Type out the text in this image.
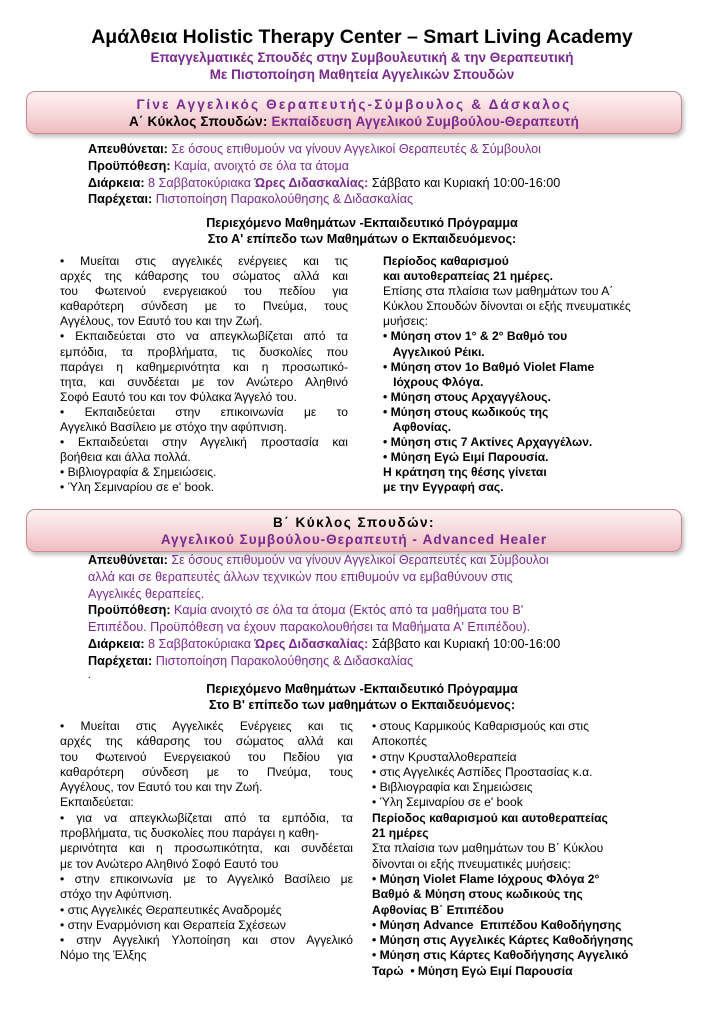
Αμάλθεια Holistic Therapy Center – Smart Living Academy
Επαγγελματικές Σπουδές στην Συμβουλευτική & την Θεραπευτική
Με Πιστοποίηση Μαθητεία Αγγελικών Σπουδών
Γίνε Αγγελικός Θεραπευτής-Σύμβουλος & Δάσκαλος
Α΄ Κύκλος Σπουδών: Εκπαίδευση Αγγελικού Συμβούλου-Θεραπευτή
Απευθύνεται: Σε όσους επιθυμούν να γίνουν Αγγελικοί Θεραπευτές & Σύμβουλοι
Προϋπόθεση: Καμία, ανοιχτό σε όλα τα άτομα
Διάρκεια: 8 Σαββατοκύριακα Ώρες Διδασκαλίας: Σάββατο και Κυριακή 10:00-16:00
Παρέχεται: Πιστοποίηση Παρακολούθησης & Διδασκαλίας
Περιεχόμενο Μαθημάτων -Εκπαιδευτικό Πρόγραμμα
Στο Α' επίπεδο των Μαθημάτων ο Εκπαιδευόμενος:
• Μυείται στις αγγελικές ενέργειες και τις
αρχές της κάθαρσης του σώματος αλλά και
του Φωτεινού ενεργειακού του πεδίου για
καθαρότερη σύνδεση με το Πνεύμα, τους
Αγγέλους, τον Εαυτό του και την Ζωή.
• Εκπαιδεύεται στο να απεγκλωβίζεται από τα
εμπόδια, τα προβλήματα, τις δυσκολίες που
παράγει η καθημερινότητα και η προσωπικό-
τητα, και συνδέεται με τον Ανώτερο Αληθινό
Σοφό Εαυτό του και τον Φύλακα Άγγελό του.
• Εκπαιδεύεται στην επικοινωνία με το
Αγγελικό Βασίλειο με στόχο την αφύπνιση.
• Εκπαιδεύεται στην Αγγελική προστασία και
βοήθεια και άλλα πολλά.
• Βιβλιογραφία & Σημειώσεις.
• Ύλη Σεμιναρίου σε e' book.
Περίοδος καθαρισμού
και αυτοθεραπείας 21 ημέρες.
Επίσης στα πλαίσια των μαθημάτων του Α΄
Κύκλου Σπουδών δίνονται οι εξής πνευματικές
μυήσεις:
• Μύηση στον 1° & 2° Βαθμό του
Αγγελικού Ρέικι.
• Μύηση στον 1ο Βαθμό Violet Flame
Ιόχρους Φλόγα.
• Μύηση στους Αρχαγγέλους.
• Μύηση στους κωδικούς της
Αφθονίας.
• Μύηση στις 7 Ακτίνες Αρχαγγέλων.
• Μύηση Εγώ Ειμί Παρουσία.
Η κράτηση της θέσης γίνεται
με την Εγγραφή σας.
Β΄ Κύκλος Σπουδών:
Αγγελικού Συμβούλου-Θεραπευτή - Advanced Healer
Απευθύνεται: Σε όσους επιθυμούν να γίνουν Αγγελικοί Θεραπευτές και Σύμβουλοι
αλλά και σε θεραπευτές άλλων τεχνικών που επιθυμούν να εμβαθύνουν στις
Αγγελικές θεραπείες.
Προϋπόθεση: Καμία ανοιχτό σε όλα τα άτομα (Εκτός από τα μαθήματα του Β'
Επιπέδου. Προϋπόθεση να έχουν παρακολουθήσει τα Μαθήματα Α' Επιπέδου).
Διάρκεια: 8 Σαββατοκύριακα Ώρες Διδασκαλίας: Σάββατο και Κυριακή 10:00-16:00
Παρέχεται: Πιστοποίηση Παρακολούθησης & Διδασκαλίας
.
Περιεχόμενο Μαθημάτων -Εκπαιδευτικό Πρόγραμμα
Στο Β' επίπεδο των μαθημάτων ο Εκπαιδευόμενος:
• Μυείται στις Αγγελικές Ενέργειες και τις
αρχές της κάθαρσης του σώματος αλλά και
του Φωτεινού Ενεργειακού του Πεδίου για
καθαρότερη σύνδεση με το Πνεύμα, τους
Αγγέλους, τον Εαυτό του και την Ζωή.
Εκπαιδεύεται:
• για να απεγκλωβίζεται από τα εμπόδια, τα
προβλήματα, τις δυσκολίες που παράγει η καθη-
μερινότητα και η προσωπικότητα, και συνδέεται
με τον Ανώτερο Αληθινό Σοφό Εαυτό του
• στην επικοινωνία με το Αγγελικό Βασίλειο με
στόχο την Αφύπνιση.
• στις Αγγελικές Θεραπευτικές Αναδρομές
• στην Εναρμόνιση και Θεραπεία Σχέσεων
• στην Αγγελική Υλοποίηση και στον Αγγελικό
Νόμο της Έλξης
• στους Καρμικούς Καθαρισμούς και στις
Αποκοπές
• στην Κρυσταλλοθεραπεία
• στις Αγγελικές Ασπίδες Προστασίας κ.α.
• Βιβλιογραφία και Σημειώσεις
• Ύλη Σεμιναρίου σε e' book
Περίοδος καθαρισμού και αυτοθεραπείας
21 ημέρες
Στα πλαίσια των μαθημάτων του Β΄ Κύκλου
δίνονται οι εξής πνευματικές μυήσεις:
• Μύηση Violet Flame Ιόχρους Φλόγα 2°
Βαθμό & Μύηση στους κωδικούς της
Αφθονίας Β΄ Επιπέδου
• Μύηση Advance  Επιπέδου Καθοδήγησης
• Μύηση στις Αγγελικές Κάρτες Καθοδήγησης
• Μύηση στις Κάρτες Καθοδήγησης Αγγελικό
Ταρώ  • Μύηση Εγώ Ειμί Παρουσία
